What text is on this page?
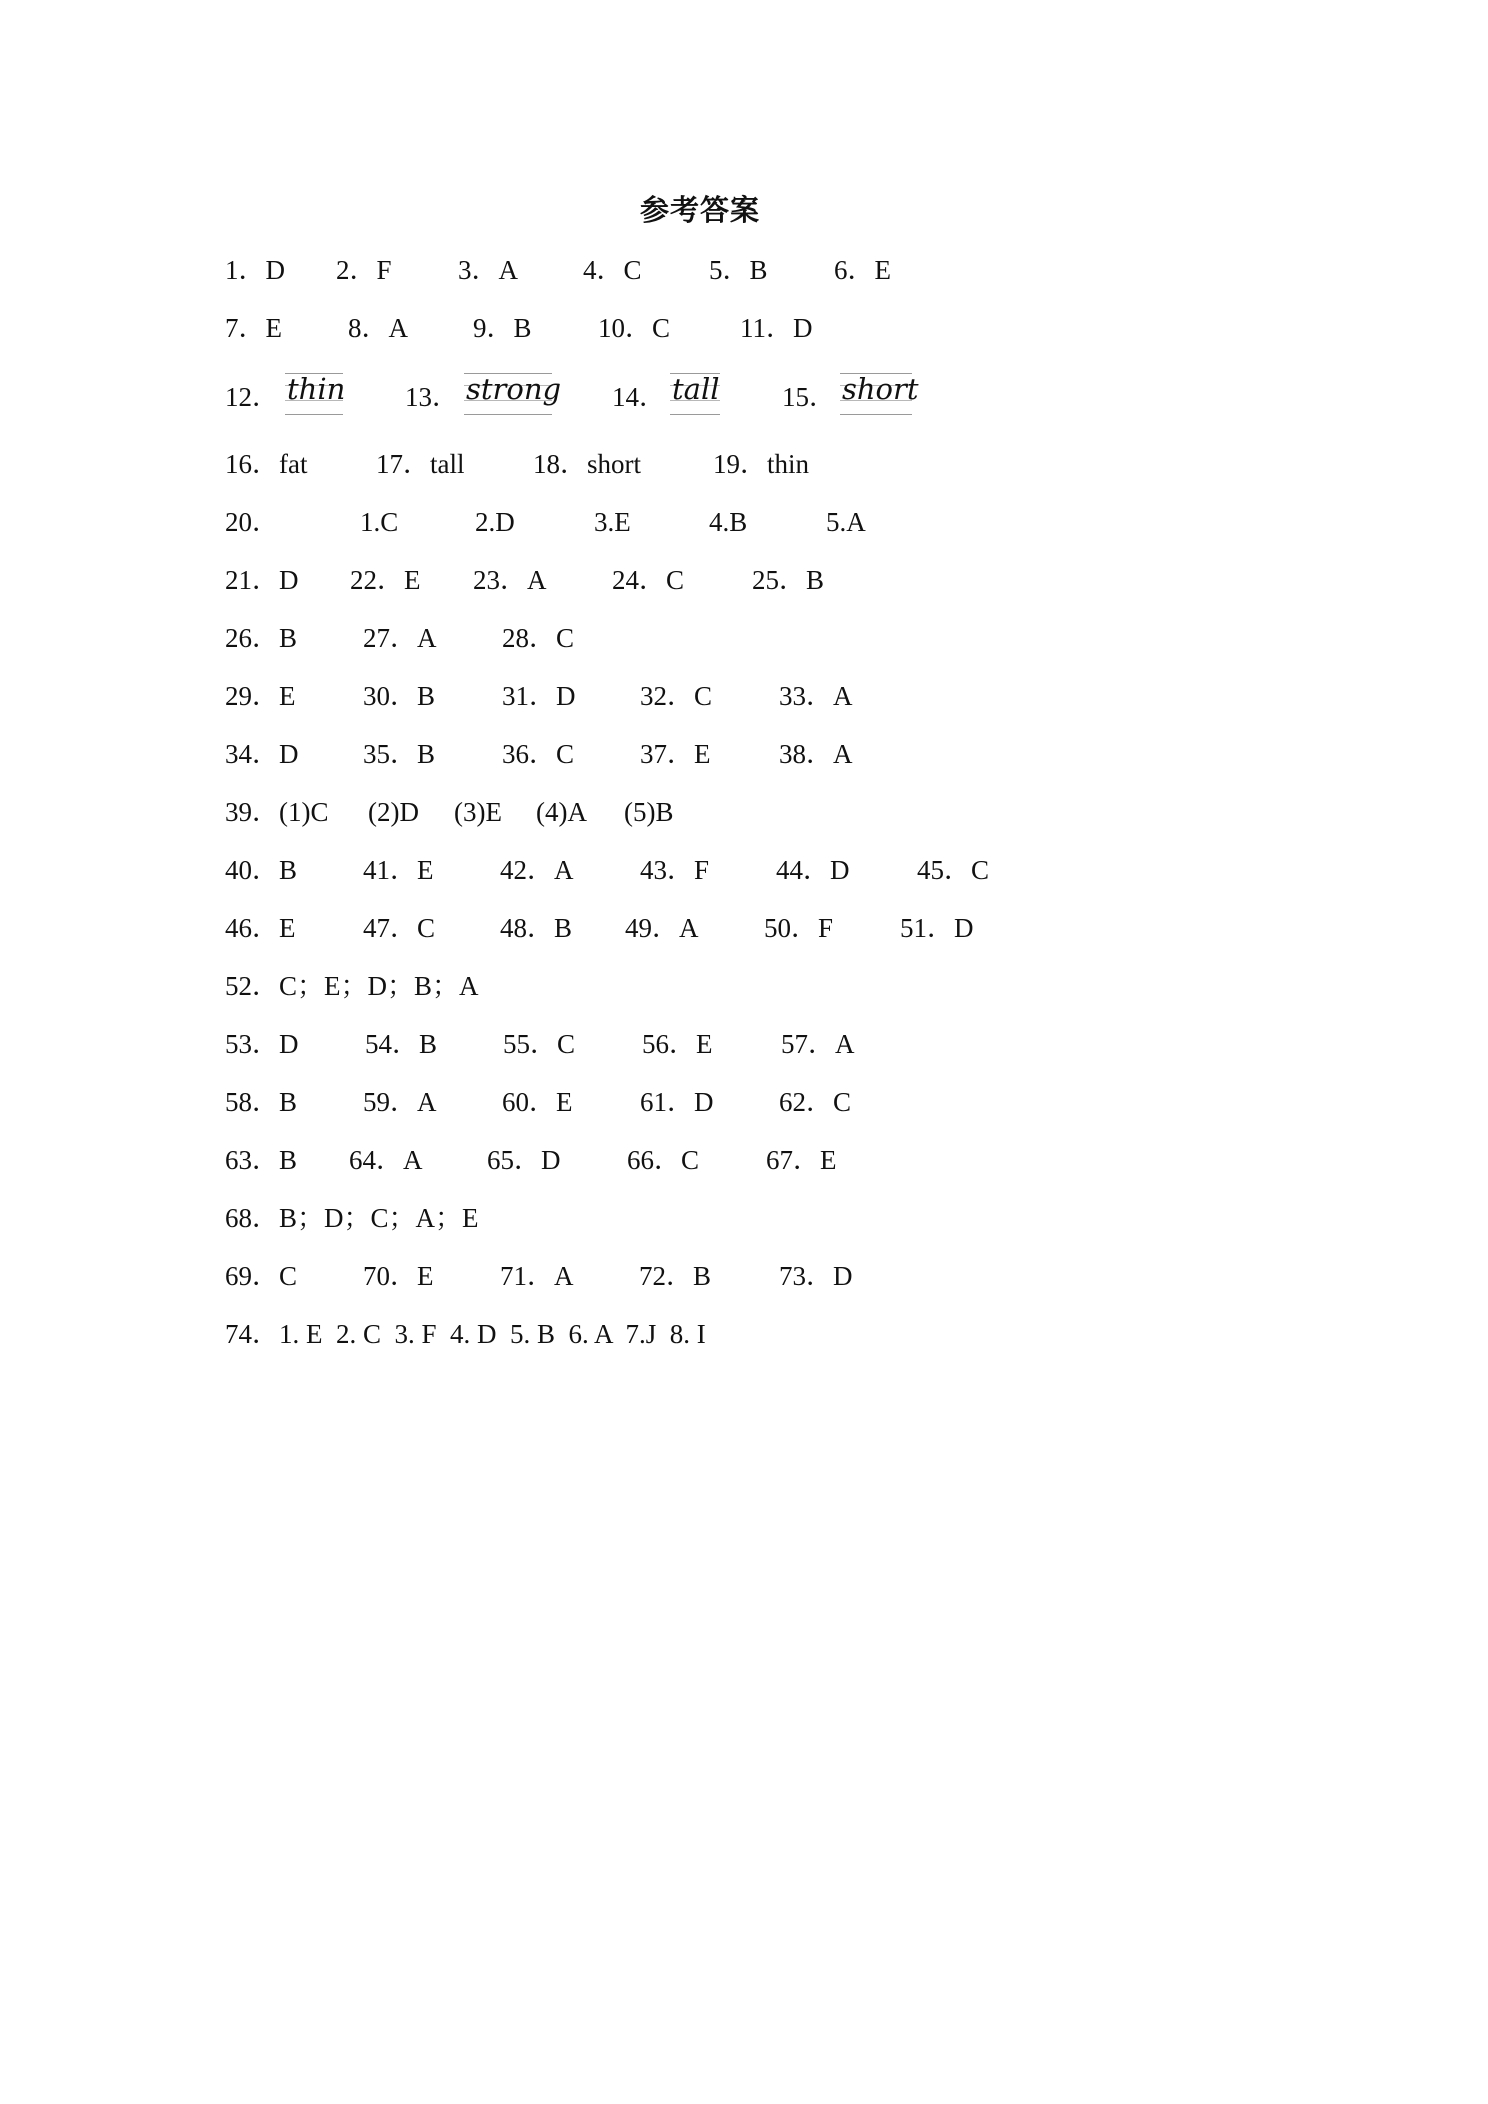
参考答案
1．D 2．F 3．A 4．C 5．B 6．E
7．E 8．A 9．B 10．C	11．D
12． thin 13． strong 14． tall 15． short
16．fat	17．tall	18．short	19．thin
20．	1.C	2.D	3.E	4.B	5.A
21．D 22．E 23．A 24．C	25．B
26．B 27．A 28．C
29．E	30．B 31．D 32．C 33．A
34．D 35．B 36．C 37．E	38．A
39．(1)C (2)D (3)E (4)A (5)B
40．B 41．E 42．A 43．F 44．D	45．C
46．E	47．C 48．B 49．A 50．F 51．D
52．C；E；D；B；A
53．D 54．B 55．C 56．E	57．A
58．B 59．A 60．E	61．D 62．C
63．B 64．A 65．D 66．C 67．E
68．B；D；C；A；E
69．C 70．E 71．A 72．B	73．D
74．1. E  2. C  3. F  4. D  5. B  6. A  7.J  8. I
